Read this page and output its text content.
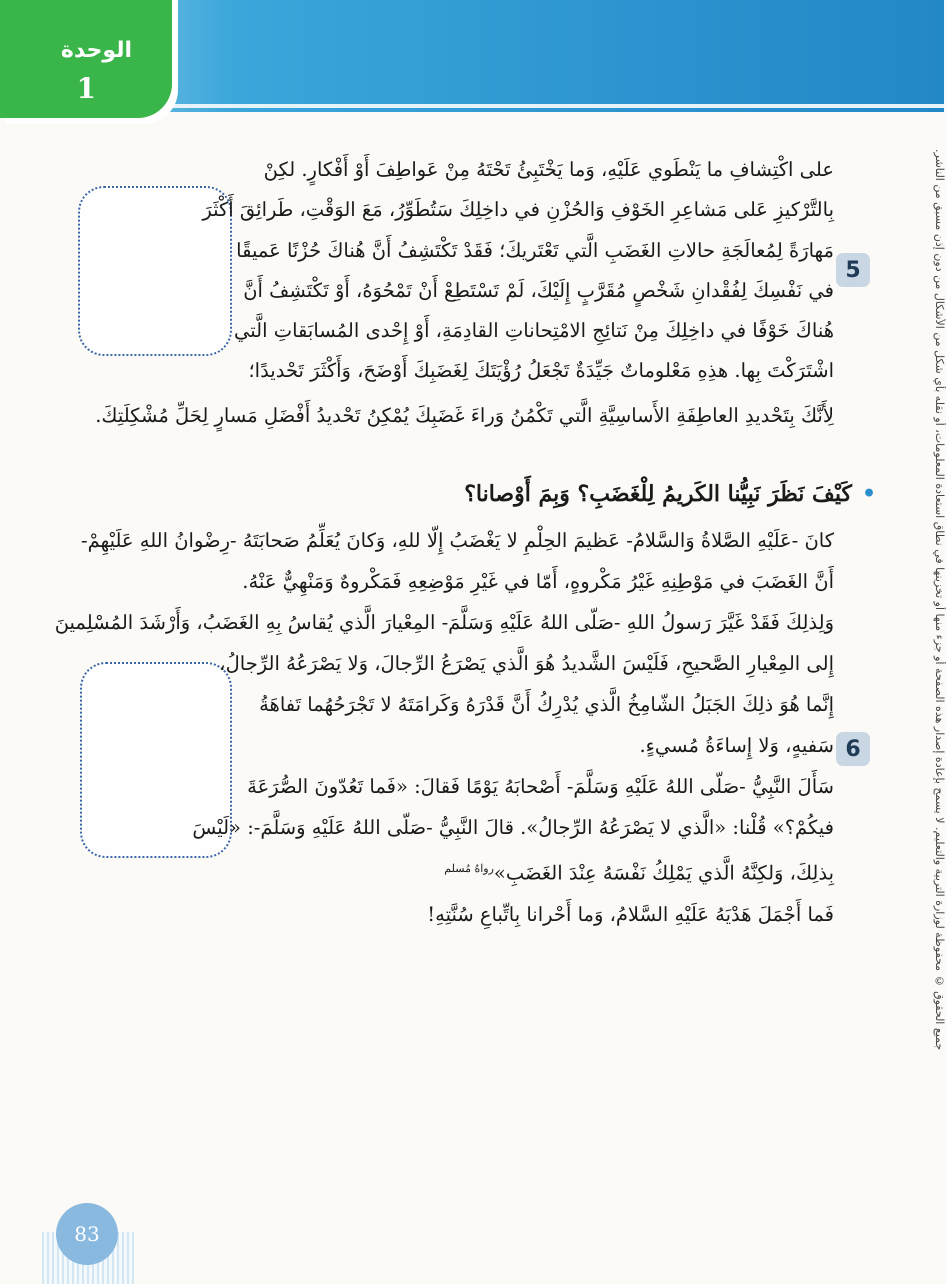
الوحدة
1
جميع الحقوق © محفوظة لوزارة التربية والتعليم. لا يسمح بإعادة إصدار هذه الصفحة أو جزء منها أو تخزينها في نطاق استعادة المعلومات، أو نقله بأي شكل من الأشكال من دون إذن مسبق من الناشر.
5
على اكْتِشافِ ما يَنْطَوي عَلَيْهِ، وَما يَخْتَبِئُ تَحْتَهُ مِنْ عَواطِفَ أَوْ أَفْكارٍ. لكِنْ
بِالتَّرْكيزِ عَلى مَشاعِرِ الخَوْفِ وَالحُزْنِ في داخِلِكَ سَتُطَوِّرُ، مَعَ الوَقْتِ، طَرائِقَ أَكْثَرَ
مَهارَةً لِمُعالَجَةِ حالاتِ الغَضَبِ الَّتي تَعْتَريكَ؛ فَقَدْ تَكْتَشِفُ أَنَّ هُناكَ حُزْنًا عَميقًا
في نَفْسِكَ لِفُقْدانِ شَخْصٍ مُقَرَّبٍ إِلَيْكَ، لَمْ تَسْتَطِعْ أَنْ تَمْحُوَهُ، أَوْ تَكْتَشِفُ أَنَّ
هُناكَ خَوْفًا في داخِلِكَ مِنْ نَتائِجِ الامْتِحاناتِ القادِمَةِ، أَوْ إِحْدى المُسابَقاتِ الَّتي
اشْتَرَكْتَ بِها. هذِهِ مَعْلوماتٌ جَيِّدَةٌ تَجْعَلُ رُؤْيَتَكَ لِغَضَبِكَ أَوْضَحَ، وَأَكْثَرَ تَحْديدًا؛
لِأَنَّكَ بِتَحْديدِ العاطِفَةِ الأَساسِيَّةِ الَّتي تَكْمُنُ وَراءَ غَضَبِكَ يُمْكِنُ تَحْديدُ أَفْضَلِ مَسارٍ لِحَلِّ مُشْكِلَتِكَ.
•كَيْفَ نَظَرَ نَبِيُّنا الكَريمُ لِلْغَضَبِ؟ وَبِمَ أَوْصانا؟
كانَ -عَلَيْهِ الصَّلاةُ وَالسَّلامُ- عَظيمَ الحِلْمِ لا يَغْضَبُ إِلّا للهِ، وَكانَ يُعَلِّمُ صَحابَتَهُ -رِضْوانُ اللهِ عَلَيْهِمْ-
أَنَّ الغَضَبَ في مَوْطِنِهِ غَيْرُ مَكْروهٍ، أَمّا في غَيْرِ مَوْضِعِهِ فَمَكْروهٌ وَمَنْهِيٌّ عَنْهُ.
وَلِذلِكَ فَقَدْ غَيَّرَ رَسولُ اللهِ -صَلّى اللهُ عَلَيْهِ وَسَلَّمَ- المِعْيارَ الَّذي يُقاسُ بِهِ الغَضَبُ، وَأَرْشَدَ المُسْلِمينَ
6
إِلى المِعْيارِ الصَّحيحِ، فَلَيْسَ الشَّديدُ هُوَ الَّذي يَصْرَعُ الرِّجالَ، وَلا يَصْرَعُهُ الرِّجالُ،
إِنَّما هُوَ ذلِكَ الجَبَلُ الشّامِخُ الَّذي يُدْرِكُ أَنَّ قَدْرَهُ وَكَرامَتَهُ لا تَجْرَحُهُما تَفاهَةُ
سَفيهٍ، وَلا إِساءَةُ مُسيءٍ.
سَأَلَ النَّبِيُّ -صَلّى اللهُ عَلَيْهِ وَسَلَّمَ- أَصْحابَهُ يَوْمًا فَقالَ: «فَما تَعُدّونَ الصُّرَعَةَ
فيكُمْ؟» قُلْنا: «الَّذي لا يَصْرَعُهُ الرِّجالُ». قالَ النَّبِيُّ -صَلّى اللهُ عَلَيْهِ وَسَلَّمَ-: «لَيْسَ
بِذلِكَ، وَلكِنَّهُ الَّذي يَمْلِكُ نَفْسَهُ عِنْدَ الغَضَبِ»$^{رواهُ مُسلم}$
فَما أَجْمَلَ هَدْيَهُ عَلَيْهِ السَّلامُ، وَما أَحْرانا بِاتِّباعِ سُنَّتِهِ!
83
